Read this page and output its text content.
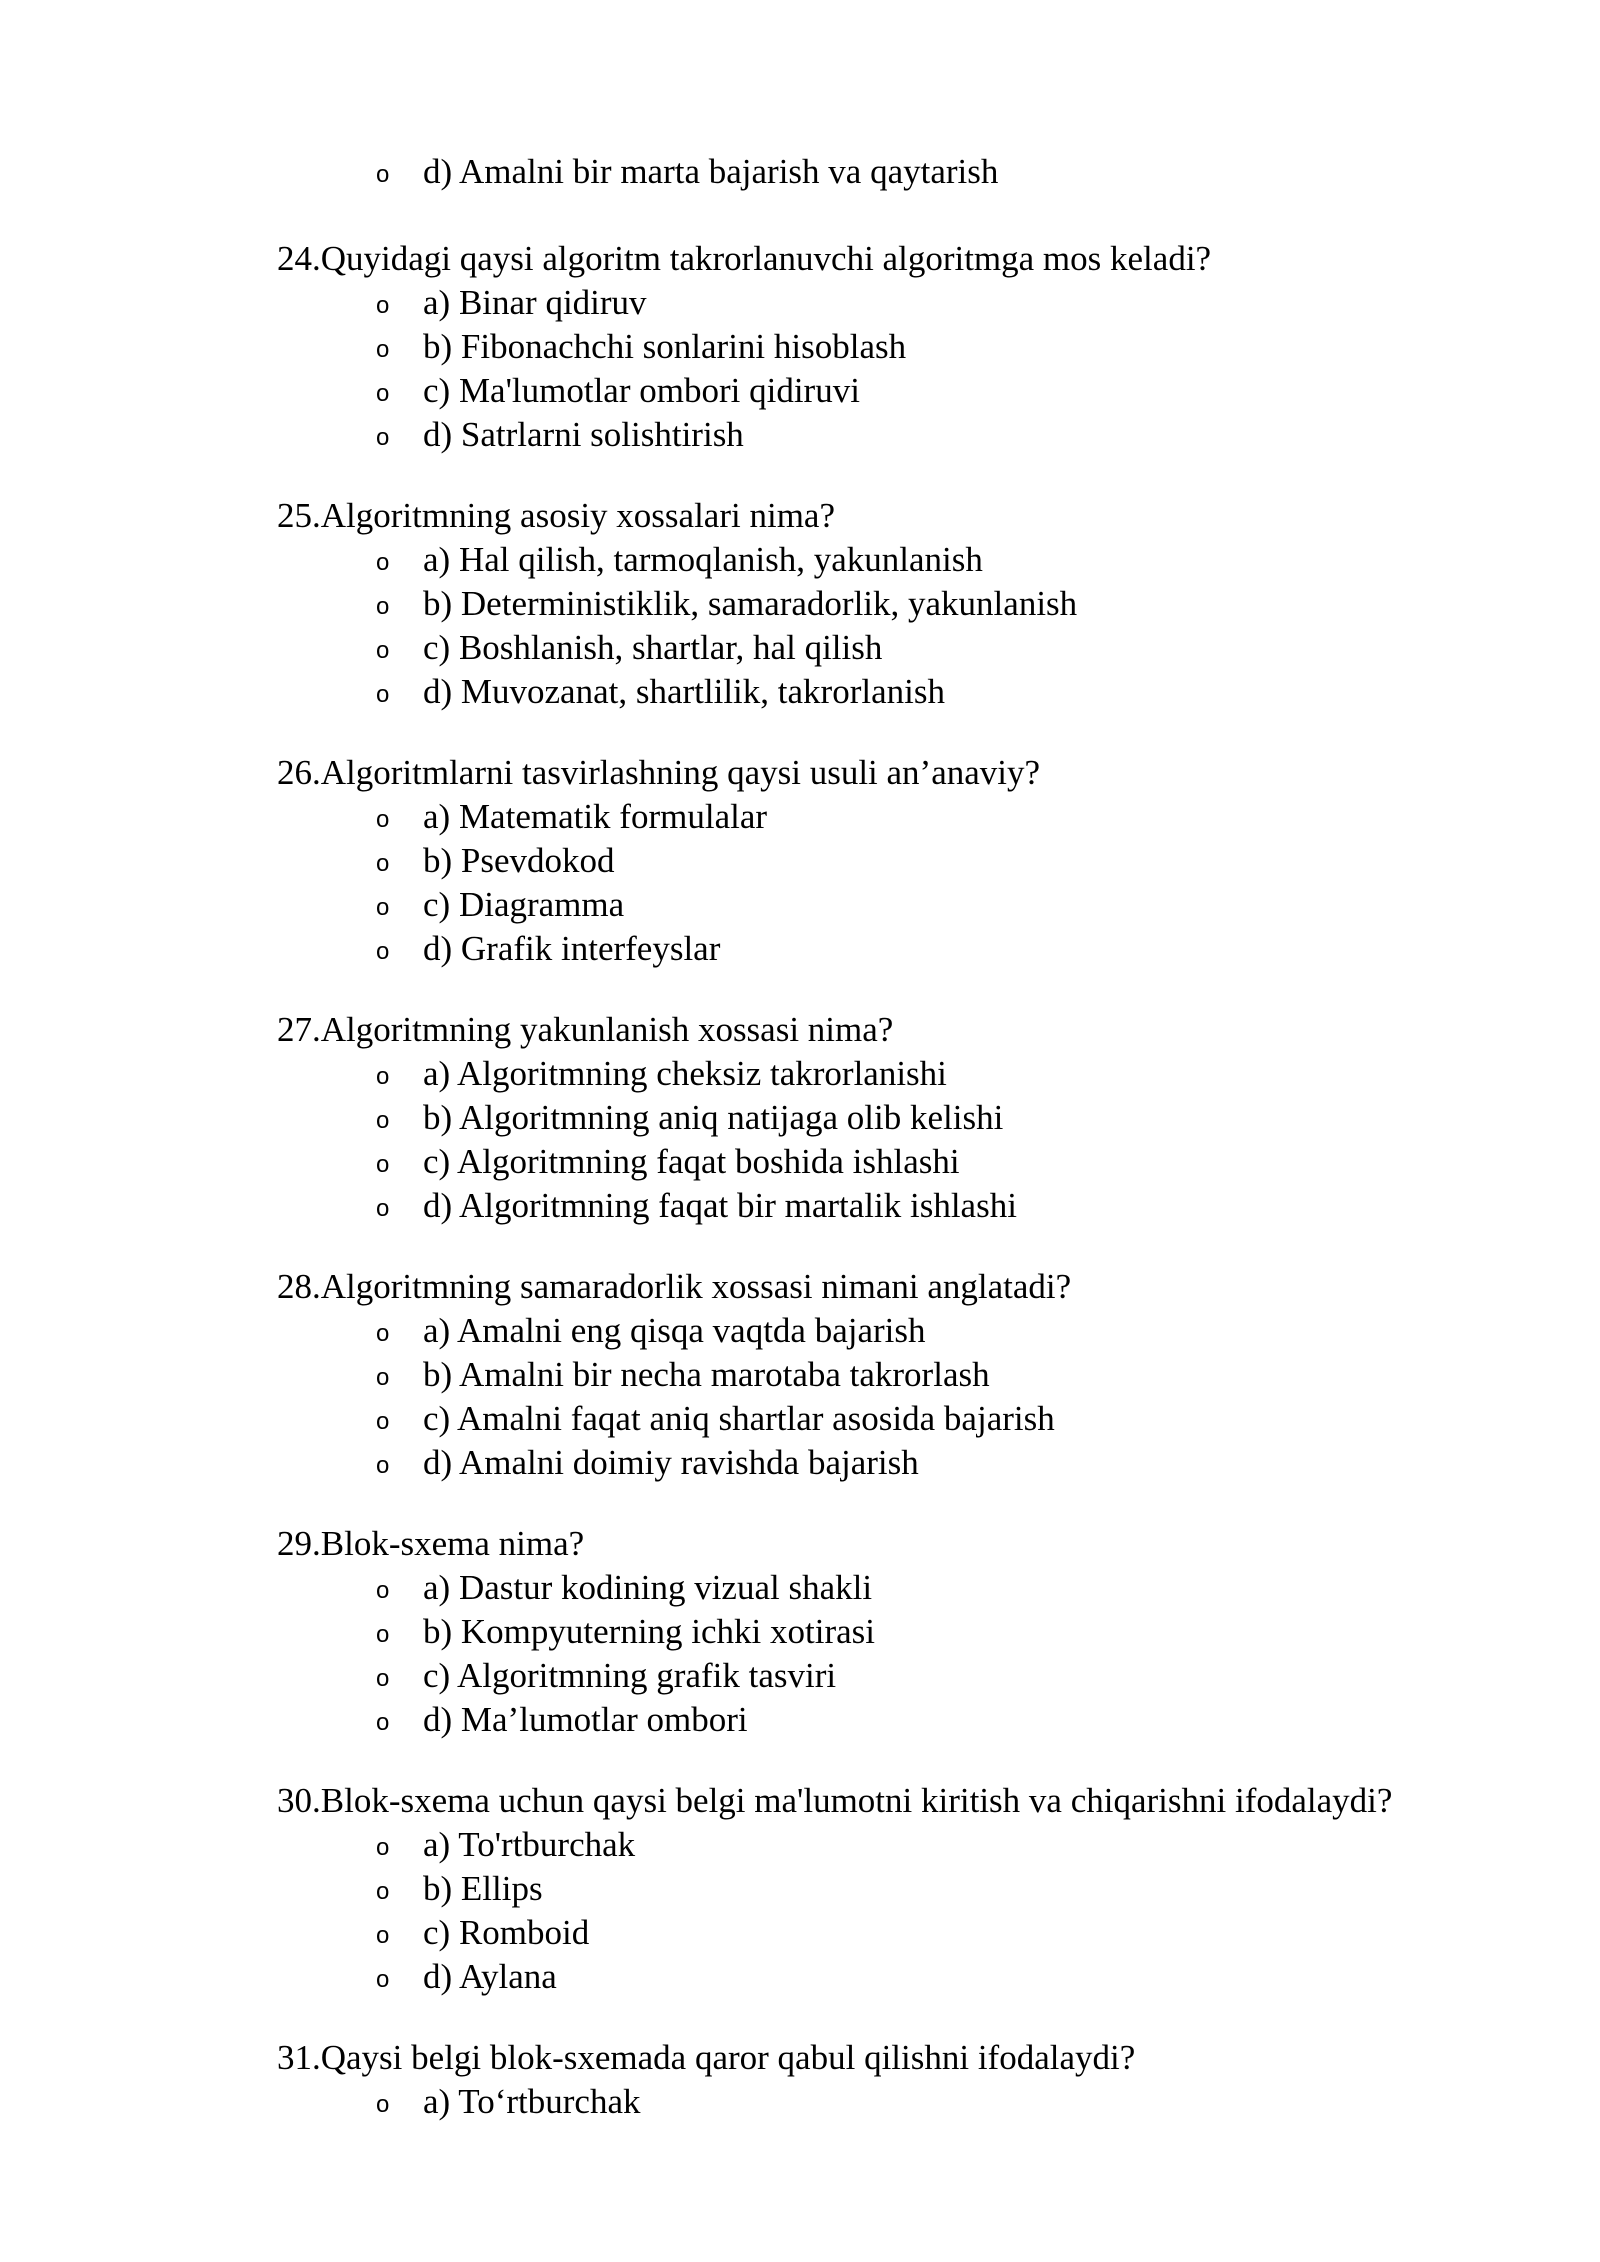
o d) Amalni bir marta bajarish va qaytarish

24.Quyidagi qaysi algoritm takrorlanuvchi algoritmga mos keladi?

o a) Binar qidiruv
o b) Fibonachchi sonlarini hisoblash
o c) Ma'lumotlar ombori qidiruvi
o d) Satrlarni solishtirish

25.Algoritmning asosiy xossalari nima?

o a) Hal qilish, tarmoqlanish, yakunlanish
o b) Deterministiklik, samaradorlik, yakunlanish
o c) Boshlanish, shartlar, hal qilish
o d) Muvozanat, shartlilik, takrorlanish

26.Algoritmlarni tasvirlashning qaysi usuli an’anaviy?

o a) Matematik formulalar
o b) Psevdokod
o c) Diagramma
o d) Grafik interfeyslar

27.Algoritmning yakunlanish xossasi nima?

o a) Algoritmning cheksiz takrorlanishi
o b) Algoritmning aniq natijaga olib kelishi
o c) Algoritmning faqat boshida ishlashi
o d) Algoritmning faqat bir martalik ishlashi

28.Algoritmning samaradorlik xossasi nimani anglatadi?

o a) Amalni eng qisqa vaqtda bajarish
o b) Amalni bir necha marotaba takrorlash
o c) Amalni faqat aniq shartlar asosida bajarish
o d) Amalni doimiy ravishda bajarish

29.Blok-sxema nima?

o a) Dastur kodining vizual shakli
o b) Kompyuterning ichki xotirasi
o c) Algoritmning grafik tasviri
o d) Ma’lumotlar ombori

30.Blok-sxema uchun qaysi belgi ma'lumotni kiritish va chiqarishni ifodalaydi?

o a) To'rtburchak
o b) Ellips
o c) Romboid
o d) Aylana

31.Qaysi belgi blok-sxemada qaror qabul qilishni ifodalaydi?

o a) To‘rtburchak
